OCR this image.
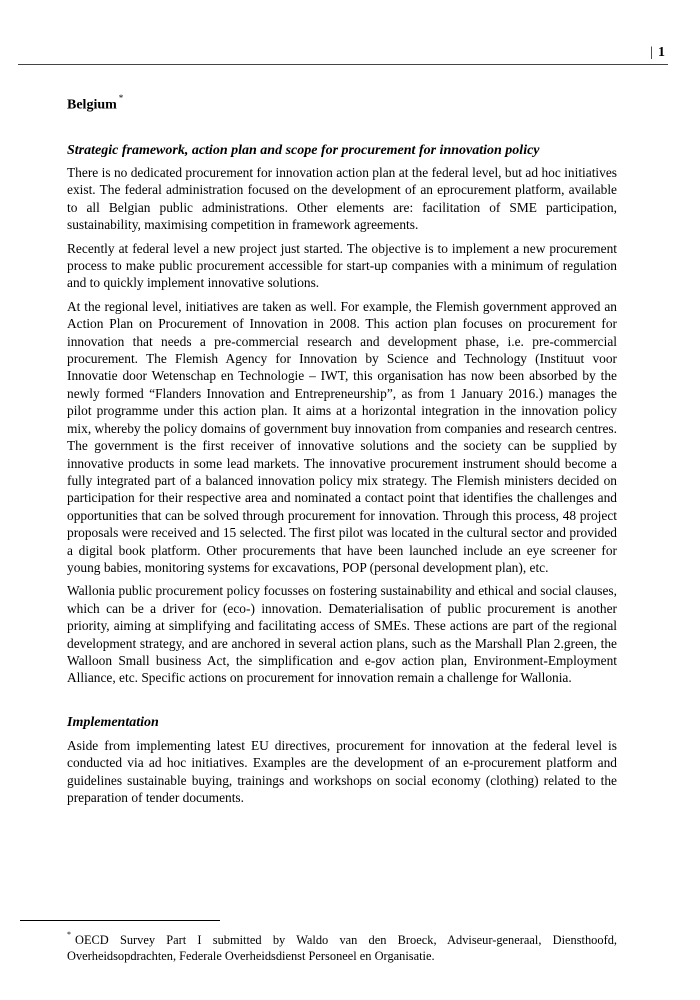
| 1
Belgium *
Strategic framework, action plan and scope for procurement for innovation policy

There is no dedicated procurement for innovation action plan at the federal level, but ad hoc initiatives exist. The federal administration focused on the development of an eprocurement platform, available to all Belgian public administrations. Other elements are: facilitation of SME participation, sustainability, maximising competition in framework agreements.

Recently at federal level a new project just started. The objective is to implement a new procurement process to make public procurement accessible for start-up companies with a minimum of regulation and to quickly implement innovative solutions.

At the regional level, initiatives are taken as well. For example, the Flemish government approved an Action Plan on Procurement of Innovation in 2008. This action plan focuses on procurement for innovation that needs a pre-commercial research and development phase, i.e. pre-commercial procurement. The Flemish Agency for Innovation by Science and Technology (Instituut voor Innovatie door Wetenschap en Technologie – IWT, this organisation has now been absorbed by the newly formed “Flanders Innovation and Entrepreneurship”, as from 1 January 2016.) manages the pilot programme under this action plan. It aims at a horizontal integration in the innovation policy mix, whereby the policy domains of government buy innovation from companies and research centres. The government is the first receiver of innovative solutions and the society can be supplied by innovative products in some lead markets. The innovative procurement instrument should become a fully integrated part of a balanced innovation policy mix strategy. The Flemish ministers decided on participation for their respective area and nominated a contact point that identifies the challenges and opportunities that can be solved through procurement for innovation. Through this process, 48 project proposals were received and 15 selected. The first pilot was located in the cultural sector and provided a digital book platform. Other procurements that have been launched include an eye screener for young babies, monitoring systems for excavations, POP (personal development plan), etc.

Wallonia public procurement policy focusses on fostering sustainability and ethical and social clauses, which can be a driver for (eco-) innovation. Dematerialisation of public procurement is another priority, aiming at simplifying and facilitating access of SMEs. These actions are part of the regional development strategy, and are anchored in several action plans, such as the Marshall Plan 2.green, the Walloon Small business Act, the simplification and e-gov action plan, Environment-Employment Alliance, etc. Specific actions on procurement for innovation remain a challenge for Wallonia.

Implementation

Aside from implementing latest EU directives, procurement for innovation at the federal level is conducted via ad hoc initiatives. Examples are the development of an e-procurement platform and guidelines sustainable buying, trainings and workshops on social economy (clothing) related to the preparation of tender documents.

* OECD Survey Part I submitted by Waldo van den Broeck, Adviseur-generaal, Diensthoofd, Overheidsopdrachten, Federale Overheidsdienst Personeel en Organisatie.
